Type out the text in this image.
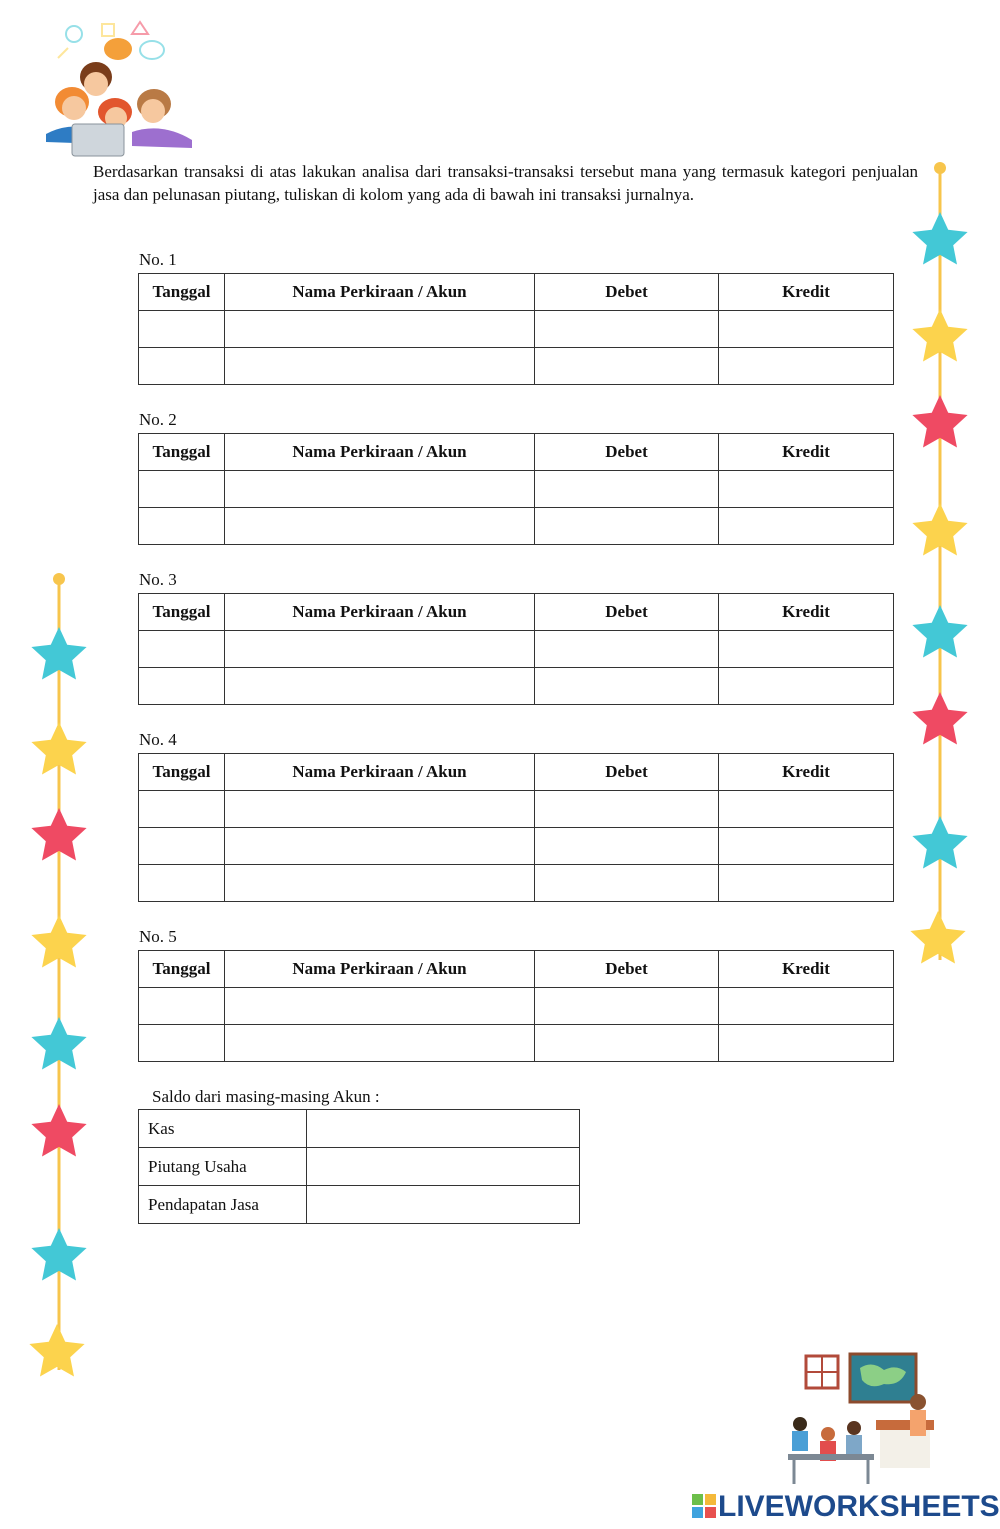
Berdasarkan transaksi di atas lakukan analisa dari transaksi-transaksi tersebut mana yang termasuk kategori penjualan jasa dan pelunasan piutang, tuliskan di kolom yang ada di bawah ini transaksi jurnalnya.

No. 1
Tanggal	Nama Perkiraan / Akun	Debet	Kredit

No. 2
Tanggal	Nama Perkiraan / Akun	Debet	Kredit

No. 3
Tanggal	Nama Perkiraan / Akun	Debet	Kredit

No. 4
Tanggal	Nama Perkiraan / Akun	Debet	Kredit

No. 5
Tanggal	Nama Perkiraan / Akun	Debet	Kredit

Saldo dari masing-masing Akun :
Kas	

Piutang Usaha	

Pendapatan Jasa	
LIVEWORKSHEETS
